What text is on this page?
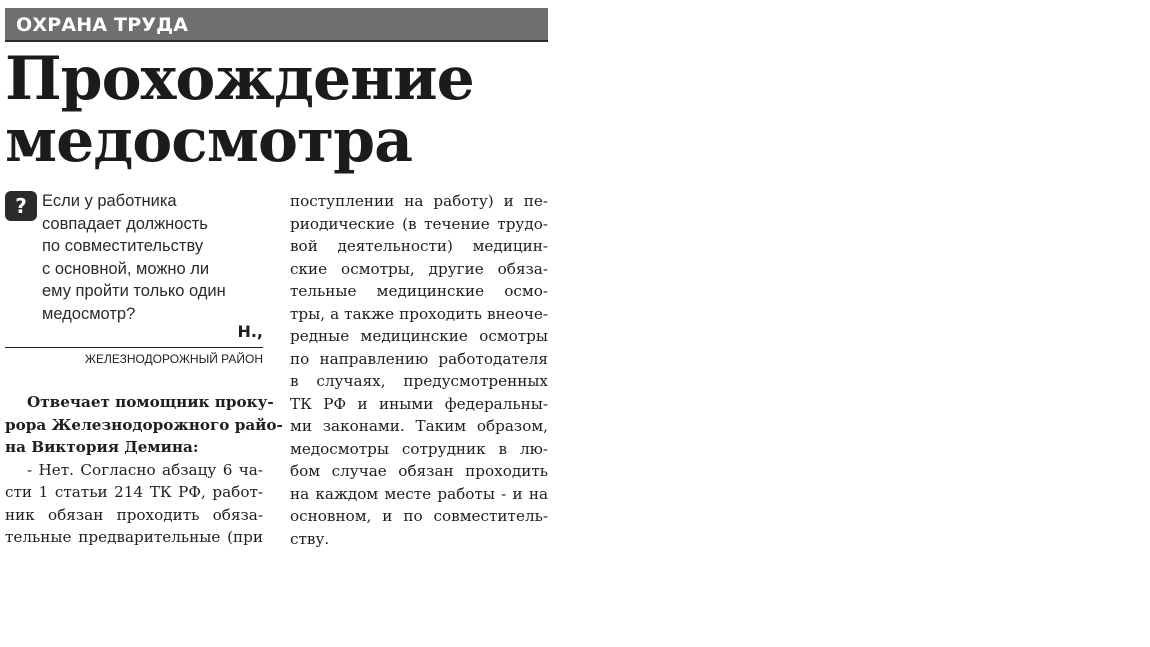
ОХРАНА ТРУДА
Прохождение
медосмотра
? Если у работника
совпадает должность
по совместительству
с основной, можно ли
ему пройти только один
медосмотр?
Н.,
ЖЕЛЕЗНОДОРОЖНЫЙ РАЙОН
Отвечает помощник проку-
рора Железнодорожного райо-
на Виктория Демина:
- Нет. Согласно абзацу 6 ча-
сти 1 статьи 214 ТК РФ, работ-
ник обязан проходить обяза-
тельные предварительные (при
поступлении на работу) и пе-
риодические (в течение трудо-
вой деятельности) медицин-
ские осмотры, другие обяза-
тельные медицинские осмо-
тры, а также проходить внеоче-
редные медицинские осмотры
по направлению работодателя
в случаях, предусмотренных
ТК РФ и иными федеральны-
ми законами. Таким образом,
медосмотры сотрудник в лю-
бом случае обязан проходить
на каждом месте работы - и на
основном, и по совместитель-
ству.
